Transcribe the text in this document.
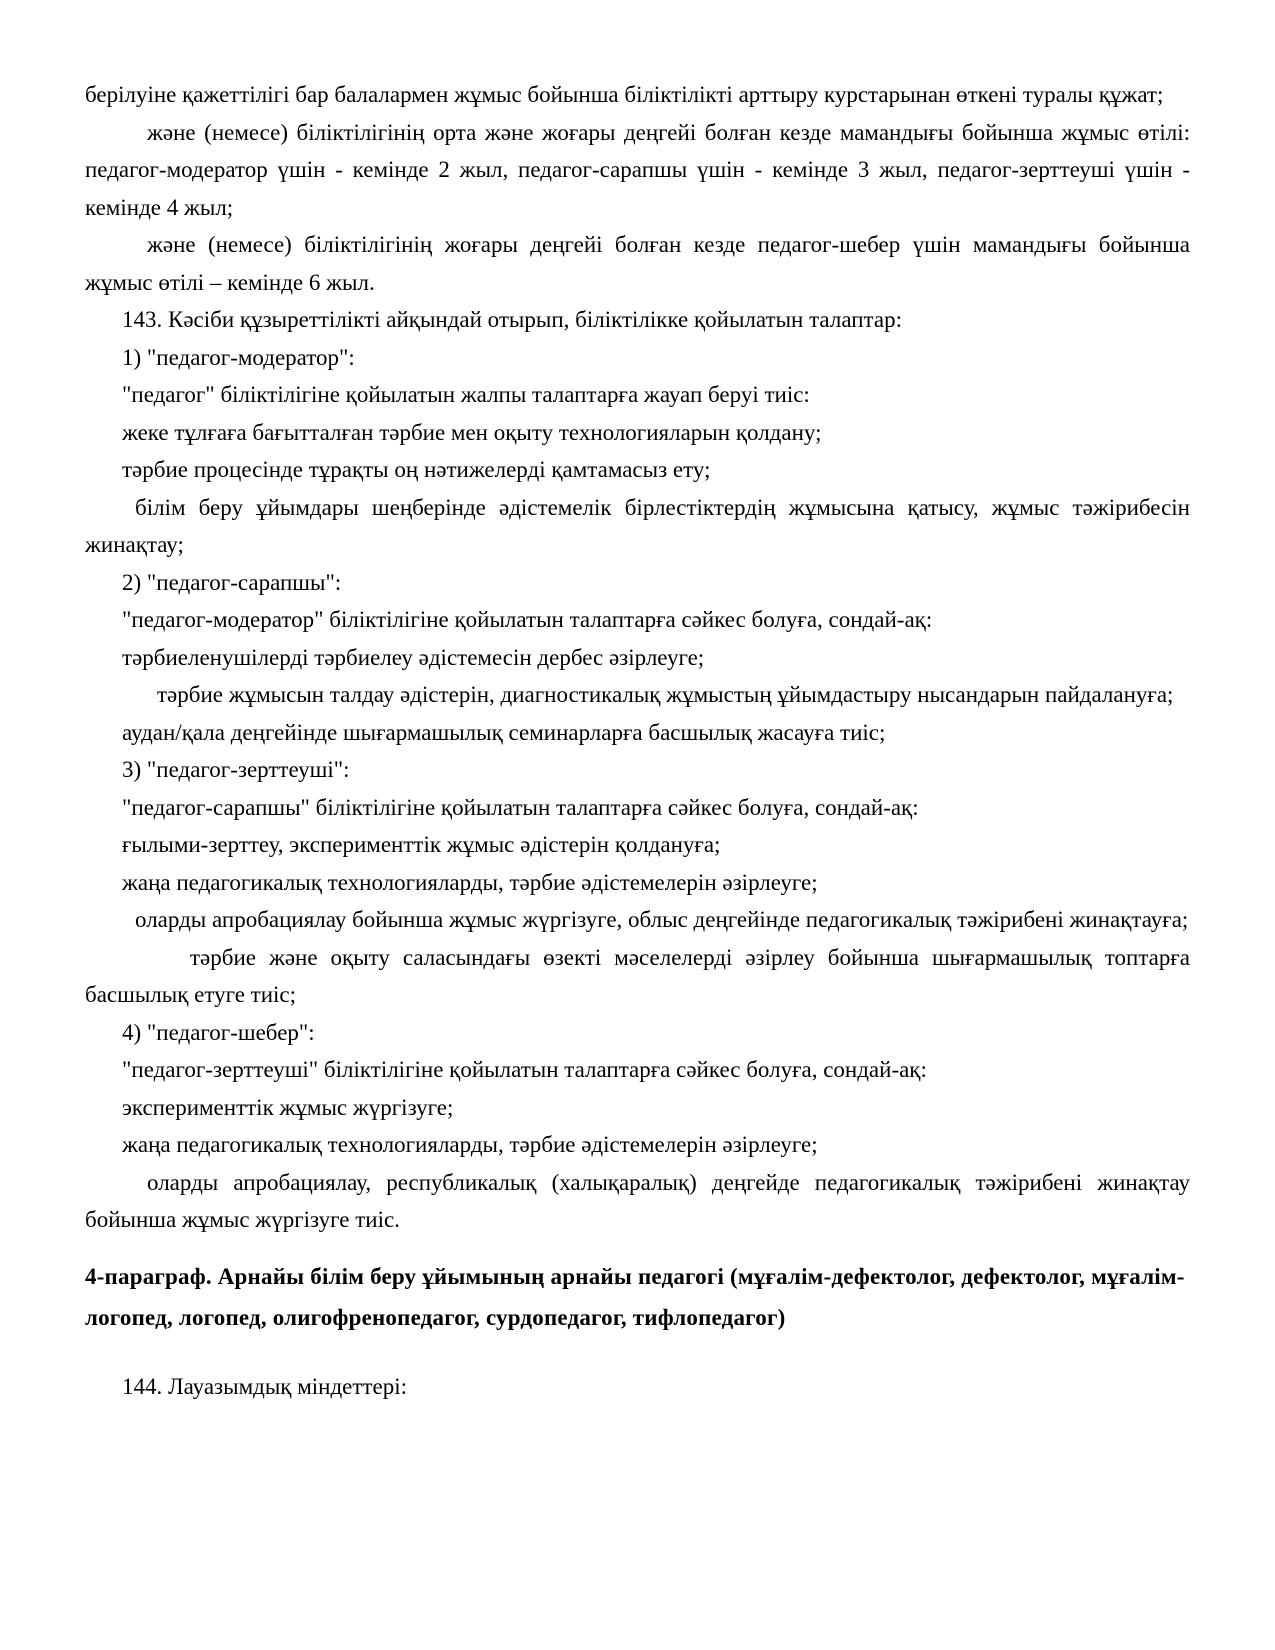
берілуіне қажеттілігі бар балалармен жұмыс бойынша біліктілікті арттыру курстарынан өткені туралы құжат;

және (немесе) біліктілігінің орта және жоғары деңгейі болған кезде мамандығы бойынша жұмыс өтілі: педагог-модератор үшін - кемінде 2 жыл, педагог-сарапшы үшін - кемінде 3 жыл, педагог-зерттеуші үшін - кемінде 4 жыл;

және (немесе) біліктілігінің жоғары деңгейі болған кезде педагог-шебер үшін мамандығы бойынша жұмыс өтілі – кемінде 6 жыл.

143. Кәсіби құзыреттілікті айқындай отырып, біліктілікке қойылатын талаптар:

1) "педагог-модератор":

"педагог" біліктілігіне қойылатын жалпы талаптарға жауап беруі тиіс:

жеке тұлғаға бағытталған тәрбие мен оқыту технологияларын қолдану;

тәрбие процесінде тұрақты оң нәтижелерді қамтамасыз ету;

білім беру ұйымдары шеңберінде әдістемелік бірлестіктердің жұмысына қатысу, жұмыс тәжірибесін жинақтау;

2) "педагог-сарапшы":

"педагог-модератор" біліктілігіне қойылатын талаптарға сәйкес болуға, сондай-ақ:

тәрбиеленушілерді тәрбиелеу әдістемесін дербес әзірлеуге;

тәрбие жұмысын талдау әдістерін, диагностикалық жұмыстың ұйымдастыру нысандарын пайдалануға;

аудан/қала деңгейінде шығармашылық семинарларға басшылық жасауға тиіс;

3) "педагог-зерттеуші":

"педагог-сарапшы" біліктілігіне қойылатын талаптарға сәйкес болуға, сондай-ақ:

ғылыми-зерттеу, эксперименттік жұмыс әдістерін қолдануға;

жаңа педагогикалық технологияларды, тәрбие әдістемелерін әзірлеуге;

оларды апробациялау бойынша жұмыс жүргізуге, облыс деңгейінде педагогикалық тәжірибені жинақтауға;

тәрбие және оқыту саласындағы өзекті мәселелерді әзірлеу бойынша шығармашылық топтарға басшылық етуге тиіс;

4) "педагог-шебер":

"педагог-зерттеуші" біліктілігіне қойылатын талаптарға сәйкес болуға, сондай-ақ:

эксперименттік жұмыс жүргізуге;

жаңа педагогикалық технологияларды, тәрбие әдістемелерін әзірлеуге;

оларды апробациялау, республикалық (халықаралық) деңгейде педагогикалық тәжірибені жинақтау бойынша жұмыс жүргізуге тиіс.

4-параграф. Арнайы білім беру ұйымының арнайы педагогі (мұғалім-дефектолог, дефектолог, мұғалім-логопед, логопед, олигофренопедагог, сурдопедагог, тифлопедагог)

144. Лауазымдық міндеттері:
